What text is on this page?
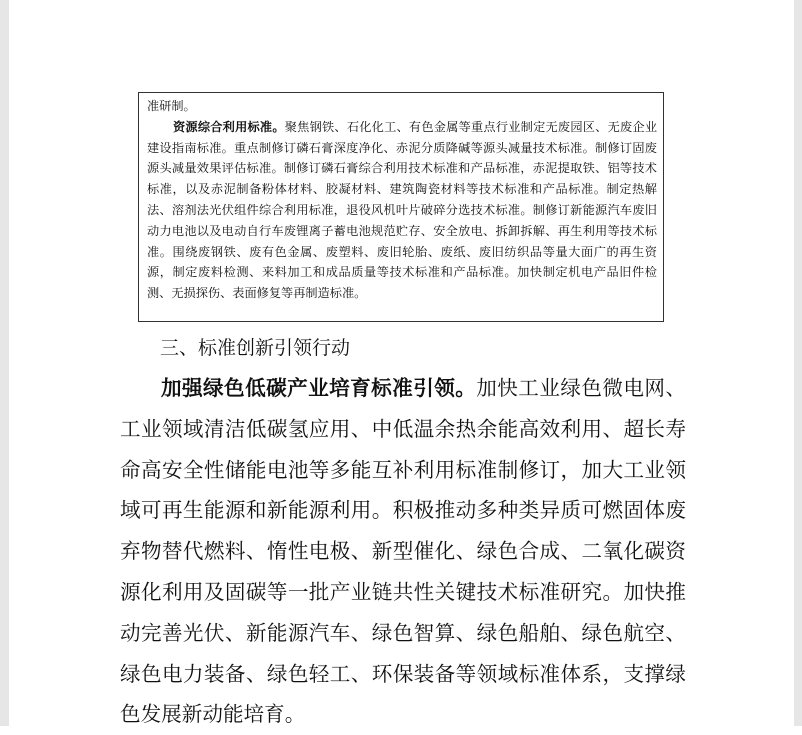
准研制。

资源综合利用标准。聚焦钢铁、石化化工、有色金属等重点行业制定无废园区、无废企业建设指南标准。重点制修订磷石膏深度净化、赤泥分质降碱等源头减量技术标准。制修订固废源头减量效果评估标准。制修订磷石膏综合利用技术标准和产品标准，赤泥提取铁、铝等技术标准，以及赤泥制备粉体材料、胶凝材料、建筑陶瓷材料等技术标准和产品标准。制定热解法、溶剂法光伏组件综合利用标准，退役风机叶片破碎分选技术标准。制修订新能源汽车废旧动力电池以及电动自行车废锂离子蓄电池规范贮存、安全放电、拆卸拆解、再生利用等技术标准。围绕废钢铁、废有色金属、废塑料、废旧轮胎、废纸、废旧纺织品等量大面广的再生资源，制定废料检测、来料加工和成品质量等技术标准和产品标准。加快制定机电产品旧件检测、无损探伤、表面修复等再制造标准。

三、标准创新引领行动

加强绿色低碳产业培育标准引领。加快工业绿色微电网、工业领域清洁低碳氢应用、中低温余热余能高效利用、超长寿命高安全性储能电池等多能互补利用标准制修订，加大工业领域可再生能源和新能源利用。积极推动多种类异质可燃固体废弃物替代燃料、惰性电极、新型催化、绿色合成、二氧化碳资源化利用及固碳等一批产业链共性关键技术标准研究。加快推动完善光伏、新能源汽车、绿色智算、绿色船舶、绿色航空、绿色电力装备、绿色轻工、环保装备等领域标准体系，支撑绿色发展新动能培育。
